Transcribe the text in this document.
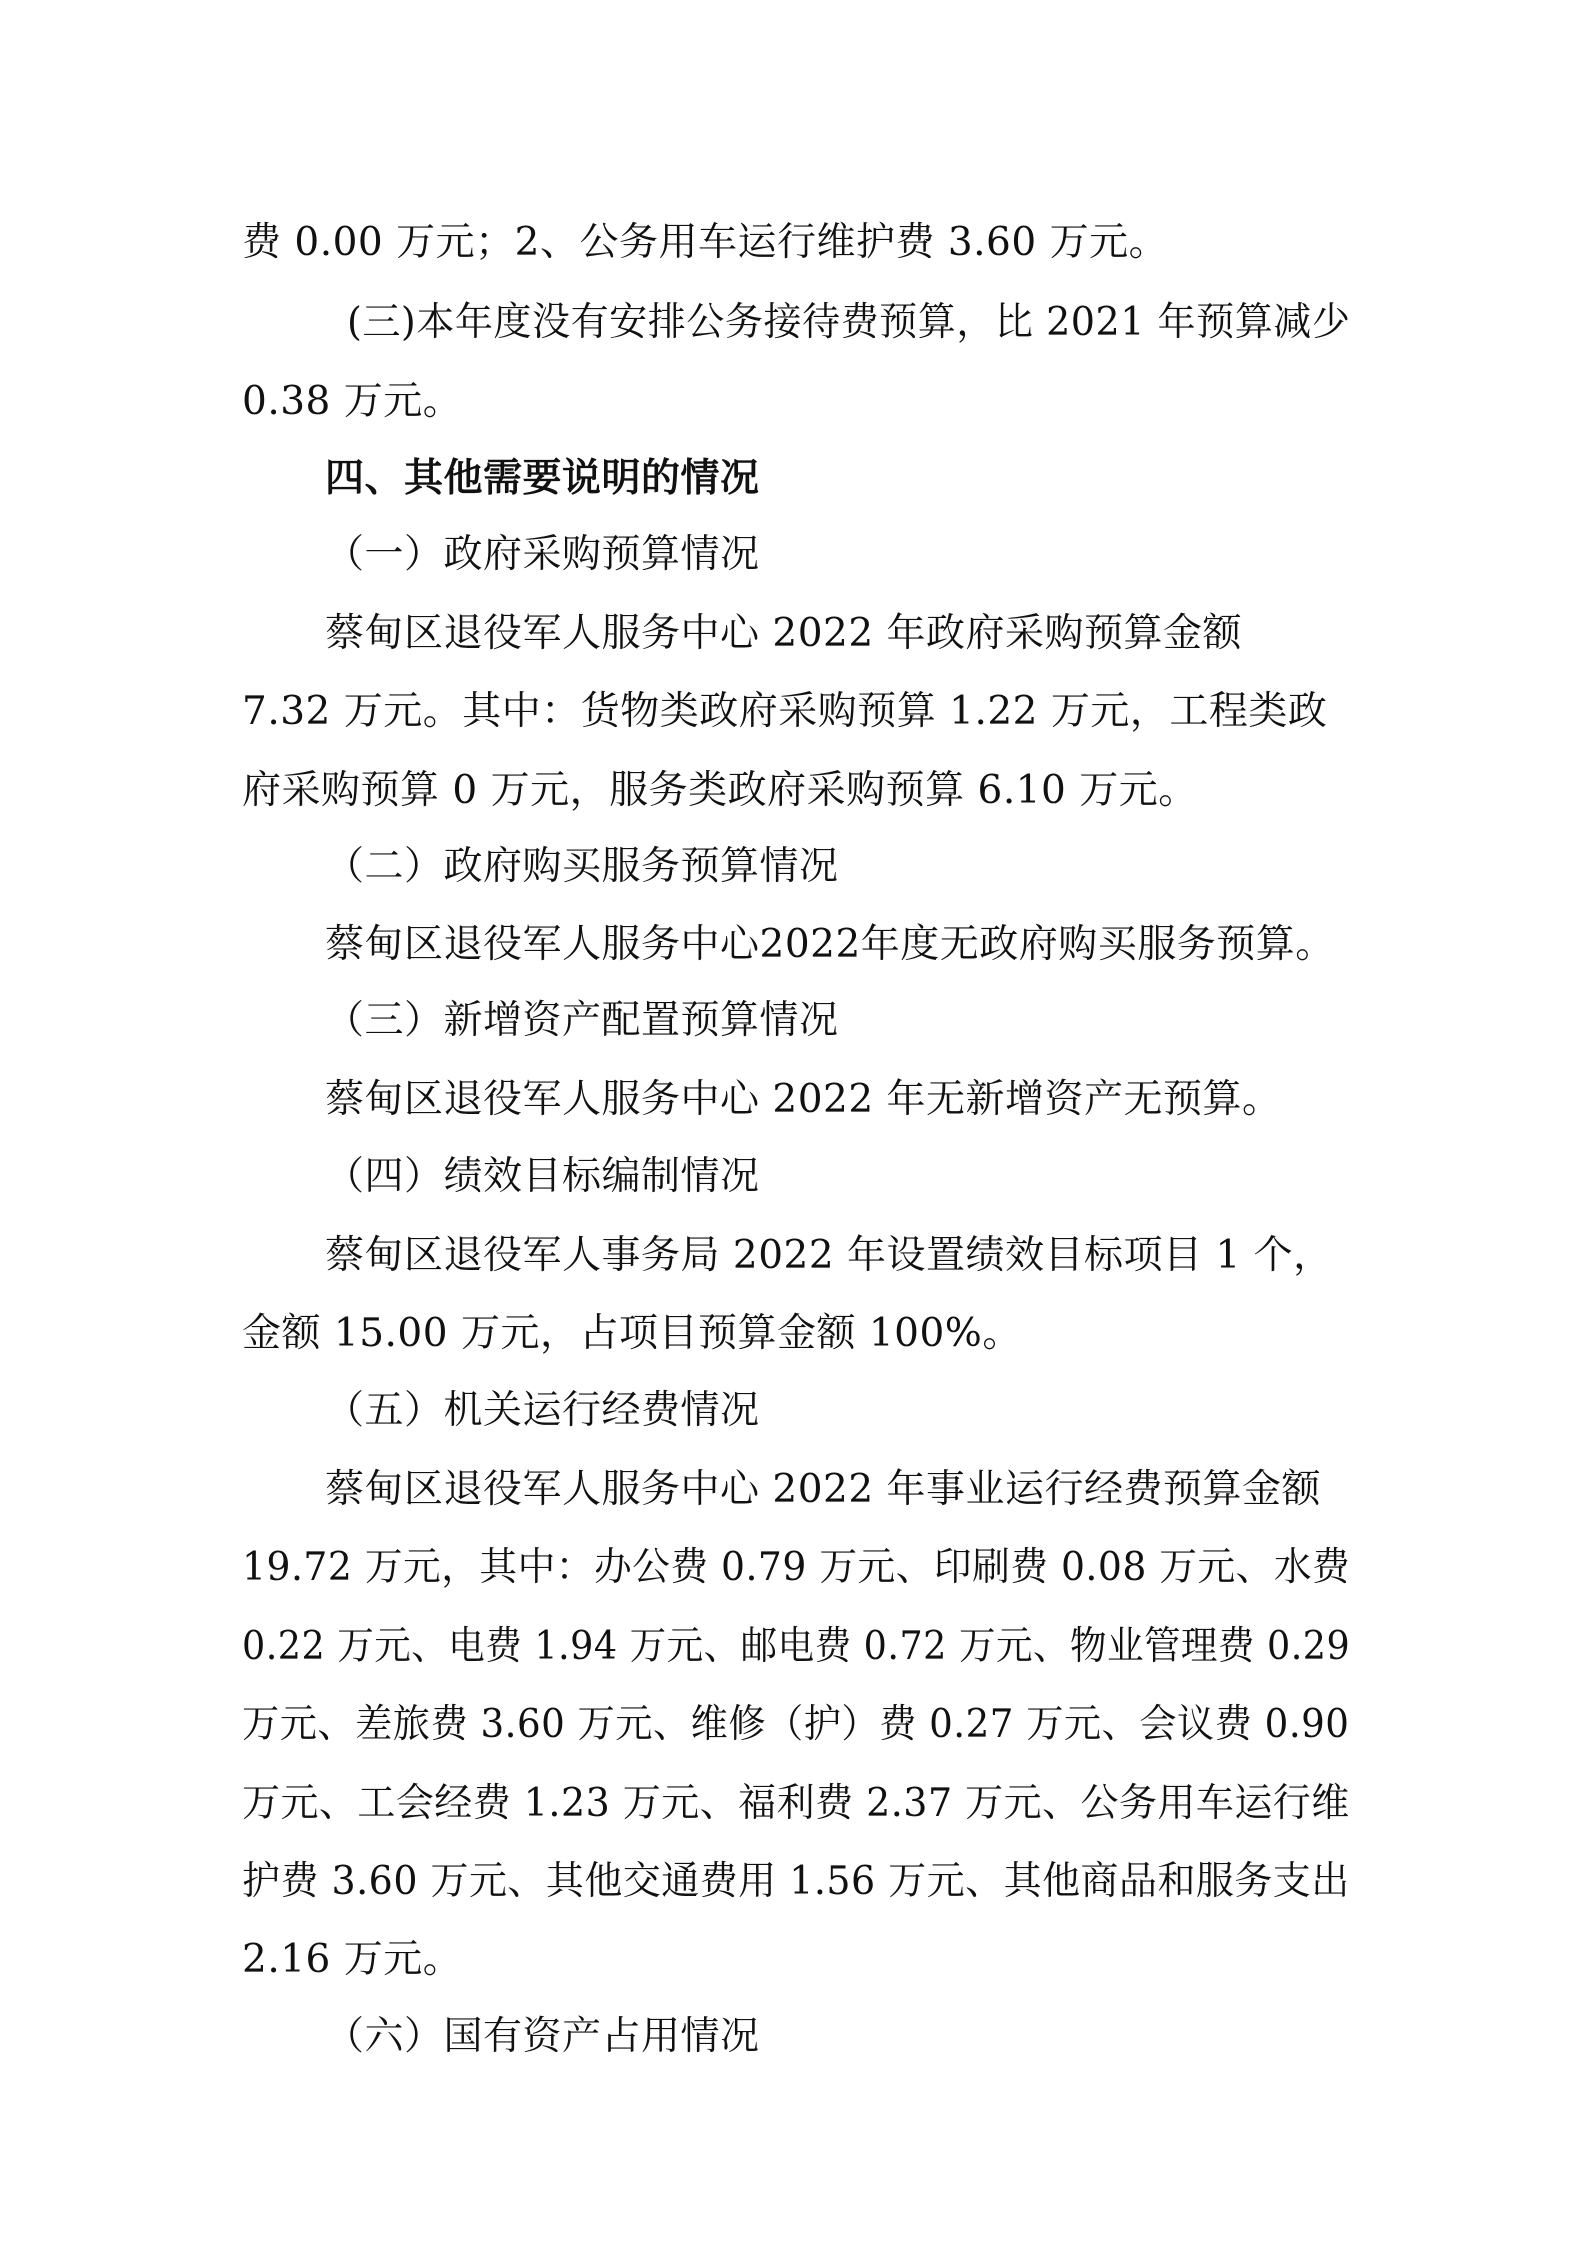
费 0.00 万元；2、公务用车运行维护费 3.60 万元。
(三)本年度没有安排公务接待费预算，比 2021 年预算减少
0.38 万元。
四、其他需要说明的情况
（一）政府采购预算情况
蔡甸区退役军人服务中心 2022 年政府采购预算金额
7.32 万元。其中：货物类政府采购预算 1.22 万元，工程类政
府采购预算 0 万元，服务类政府采购预算 6.10 万元。
（二）政府购买服务预算情况
蔡甸区退役军人服务中心2022年度无政府购买服务预算。
（三）新增资产配置预算情况
蔡甸区退役军人服务中心 2022 年无新增资产无预算。
（四）绩效目标编制情况
蔡甸区退役军人事务局 2022 年设置绩效目标项目 1 个，
金额 15.00 万元，占项目预算金额 100%。
（五）机关运行经费情况
蔡甸区退役军人服务中心 2022 年事业运行经费预算金额
19.72 万元，其中：办公费 0.79 万元、印刷费 0.08 万元、水费
0.22 万元、电费 1.94 万元、邮电费 0.72 万元、物业管理费 0.29
万元、差旅费 3.60 万元、维修（护）费 0.27 万元、会议费 0.90
万元、工会经费 1.23 万元、福利费 2.37 万元、公务用车运行维
护费 3.60 万元、其他交通费用 1.56 万元、其他商品和服务支出
2.16 万元。
（六）国有资产占用情况
